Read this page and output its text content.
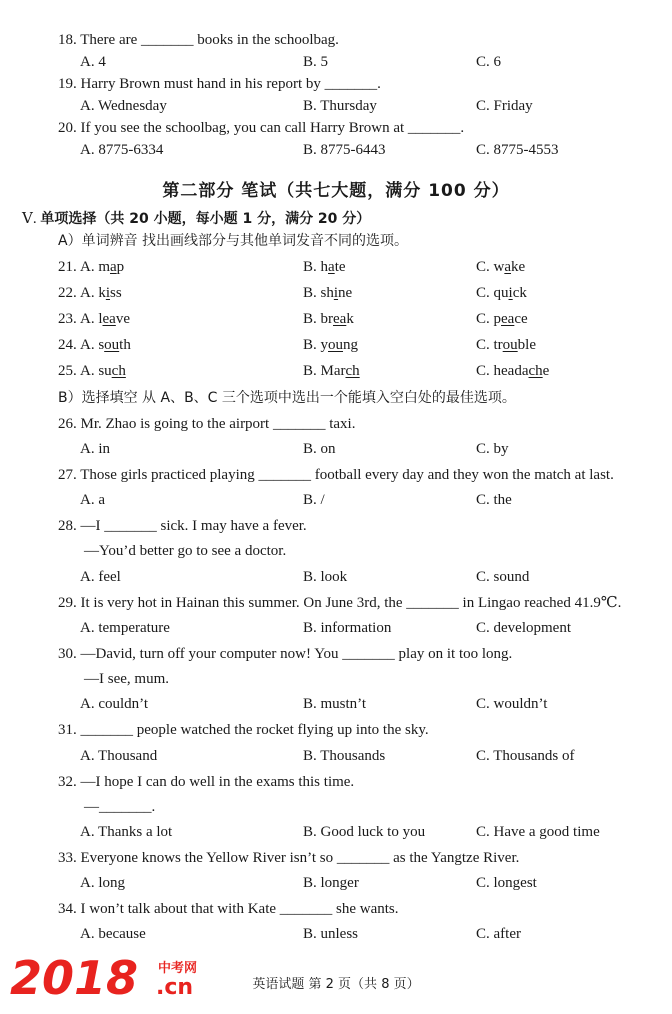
18. There are _______ books in the schoolbag.
A. 4	B. 5	C. 6
19. Harry Brown must hand in his report by _______.
A. Wednesday	B. Thursday	C. Friday
20. If you see the schoolbag, you can call Harry Brown at _______.
A. 8775-6334	B. 8775-6443	C. 8775-4553
第二部分 笔试（共七大题，满分 100 分）
Ⅴ. 单项选择（共 20 小题，每小题 1 分，满分 20 分）
A）单词辨音 找出画线部分与其他单词发音不同的选项。
21. A. map	B. hate	C. wake
22. A. kiss	B. shine	C. quick
23. A. leave	B. break	C. peace
24. A. south	B. young	C. trouble
25. A. such	B. March	C. headache
B）选择填空 从 A、B、C 三个选项中选出一个能填入空白处的最佳选项。
26. Mr. Zhao is going to the airport _______ taxi.
A. in	B. on	C. by
27. Those girls practiced playing _______ football every day and they won the match at last.
A. a	B. /	C. the
28. —I _______ sick. I may have a fever.
—You’d better go to see a doctor.
A. feel	B. look	C. sound
29. It is very hot in Hainan this summer. On June 3rd, the _______ in Lingao reached 41.9℃.
A. temperature	B. information	C. development
30. —David, turn off your computer now! You _______ play on it too long.
—I see, mum.
A. couldn’t	B. mustn’t	C. wouldn’t
31. _______ people watched the rocket flying up into the sky.
A. Thousand	B. Thousands	C. Thousands of
32. —I hope I can do well in the exams this time.
—_______.
A. Thanks a lot	B. Good luck to you	C. Have a good time
33. Everyone knows the Yellow River isn’t so _______ as the Yangtze River.
A. long	B. longer	C. longest
34. I won’t talk about that with Kate _______ she wants.
A. because	B. unless	C. after
2018 中考网
.cn	英语试题 第 2 页（共 8 页）
